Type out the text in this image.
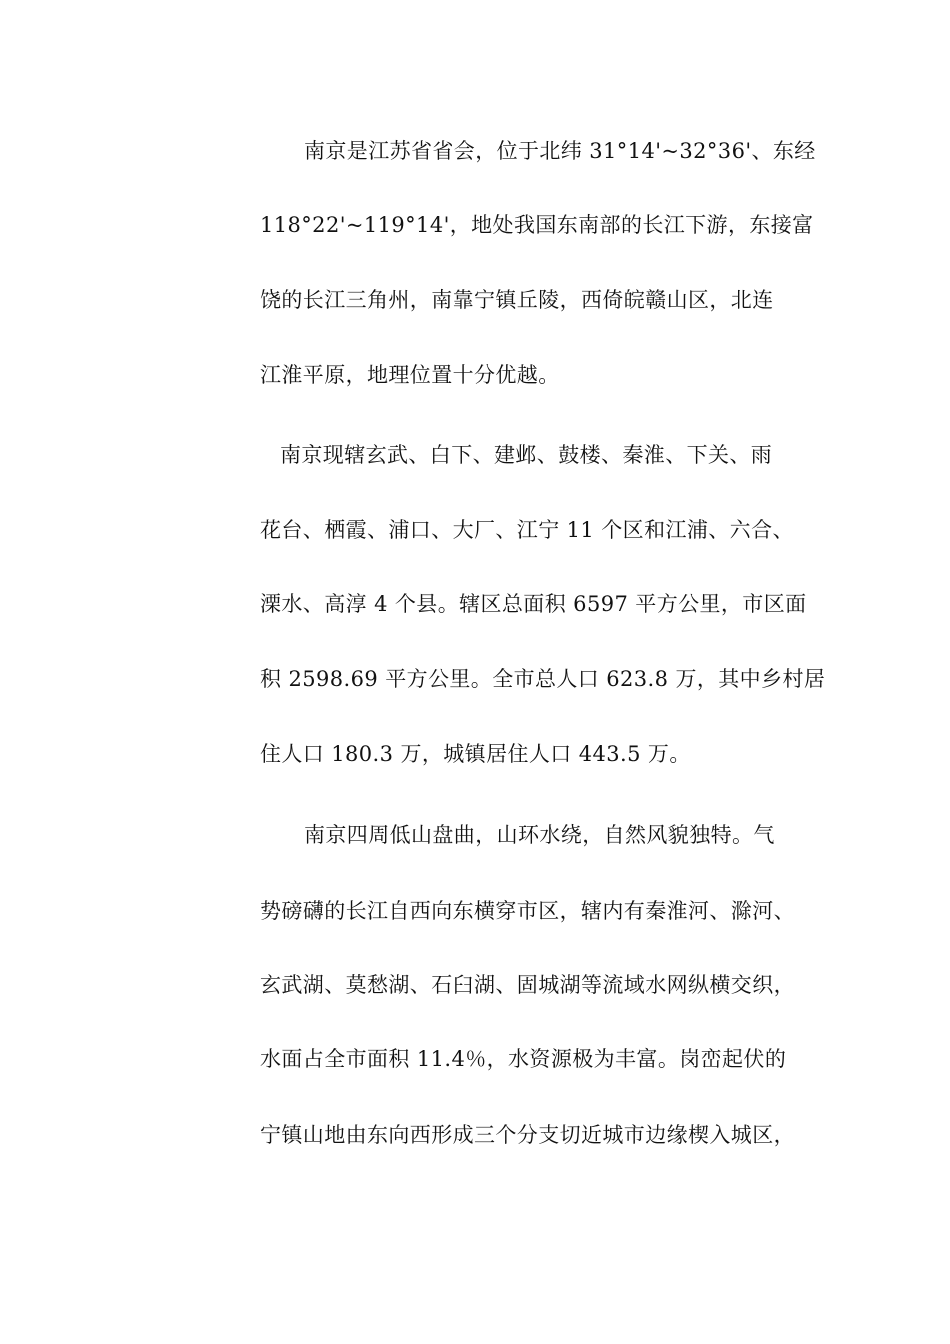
南京是江苏省省会，位于北纬 31°14'~32°36'、东经
118°22'~119°14'，地处我国东南部的长江下游，东接富
饶的长江三角州，南靠宁镇丘陵，西倚皖赣山区，北连
江淮平原，地理位置十分优越。
南京现辖玄武、白下、建邺、鼓楼、秦淮、下关、雨
花台、栖霞、浦口、大厂、江宁 11 个区和江浦、六合、
溧水、高淳 4 个县。辖区总面积 6597 平方公里，市区面
积 2598.69 平方公里。全市总人口 623.8 万，其中乡村居
住人口 180.3 万，城镇居住人口 443.5 万。
南京四周低山盘曲，山环水绕，自然风貌独特。气
势磅礴的长江自西向东横穿市区，辖内有秦淮河、滁河、
玄武湖、莫愁湖、石臼湖、固城湖等流域水网纵横交织，
水面占全市面积 11.4％，水资源极为丰富。岗峦起伏的
宁镇山地由东向西形成三个分支切近城市边缘楔入城区，
